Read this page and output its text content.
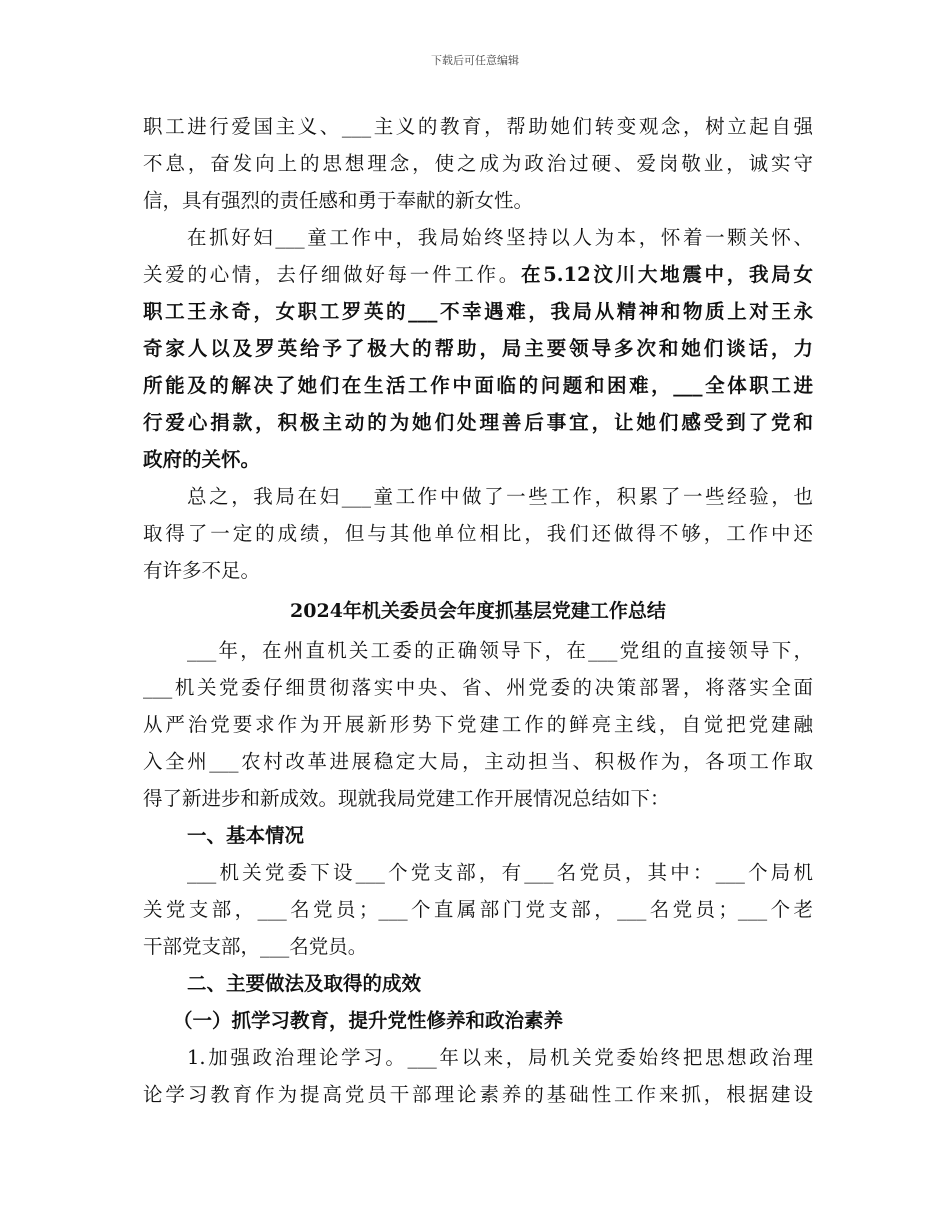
下载后可任意编辑
职工进行爱国主义、___主义的教育，帮助她们转变观念，树立起自强
不息，奋发向上的思想理念，使之成为政治过硬、爱岗敬业，诚实守
信，具有强烈的责任感和勇于奉献的新女性。
在抓好妇___童工作中，我局始终坚持以人为本，怀着一颗关怀、
关爱的心情，去仔细做好每一件工作。在5.12汶川大地震中，我局女
职工王永奇，女职工罗英的___不幸遇难，我局从精神和物质上对王永
奇家人以及罗英给予了极大的帮助，局主要领导多次和她们谈话，力
所能及的解决了她们在生活工作中面临的问题和困难，___全体职工进
行爱心捐款，积极主动的为她们处理善后事宜，让她们感受到了党和
政府的关怀。
总之，我局在妇___童工作中做了一些工作，积累了一些经验，也
取得了一定的成绩，但与其他单位相比，我们还做得不够，工作中还
有许多不足。
2024年机关委员会年度抓基层党建工作总结
___年，在州直机关工委的正确领导下，在___党组的直接领导下，
___机关党委仔细贯彻落实中央、省、州党委的决策部署，将落实全面
从严治党要求作为开展新形势下党建工作的鲜亮主线，自觉把党建融
入全州___农村改革进展稳定大局，主动担当、积极作为，各项工作取
得了新进步和新成效。现就我局党建工作开展情况总结如下：
一、基本情况
___机关党委下设___个党支部，有___名党员，其中：___个局机
关党支部，___名党员；___个直属部门党支部，___名党员；___个老
干部党支部，___名党员。
二、主要做法及取得的成效
（一）抓学习教育，提升党性修养和政治素养
1.加强政治理论学习。___年以来，局机关党委始终把思想政治理
论学习教育作为提高党员干部理论素养的基础性工作来抓，根据建设
